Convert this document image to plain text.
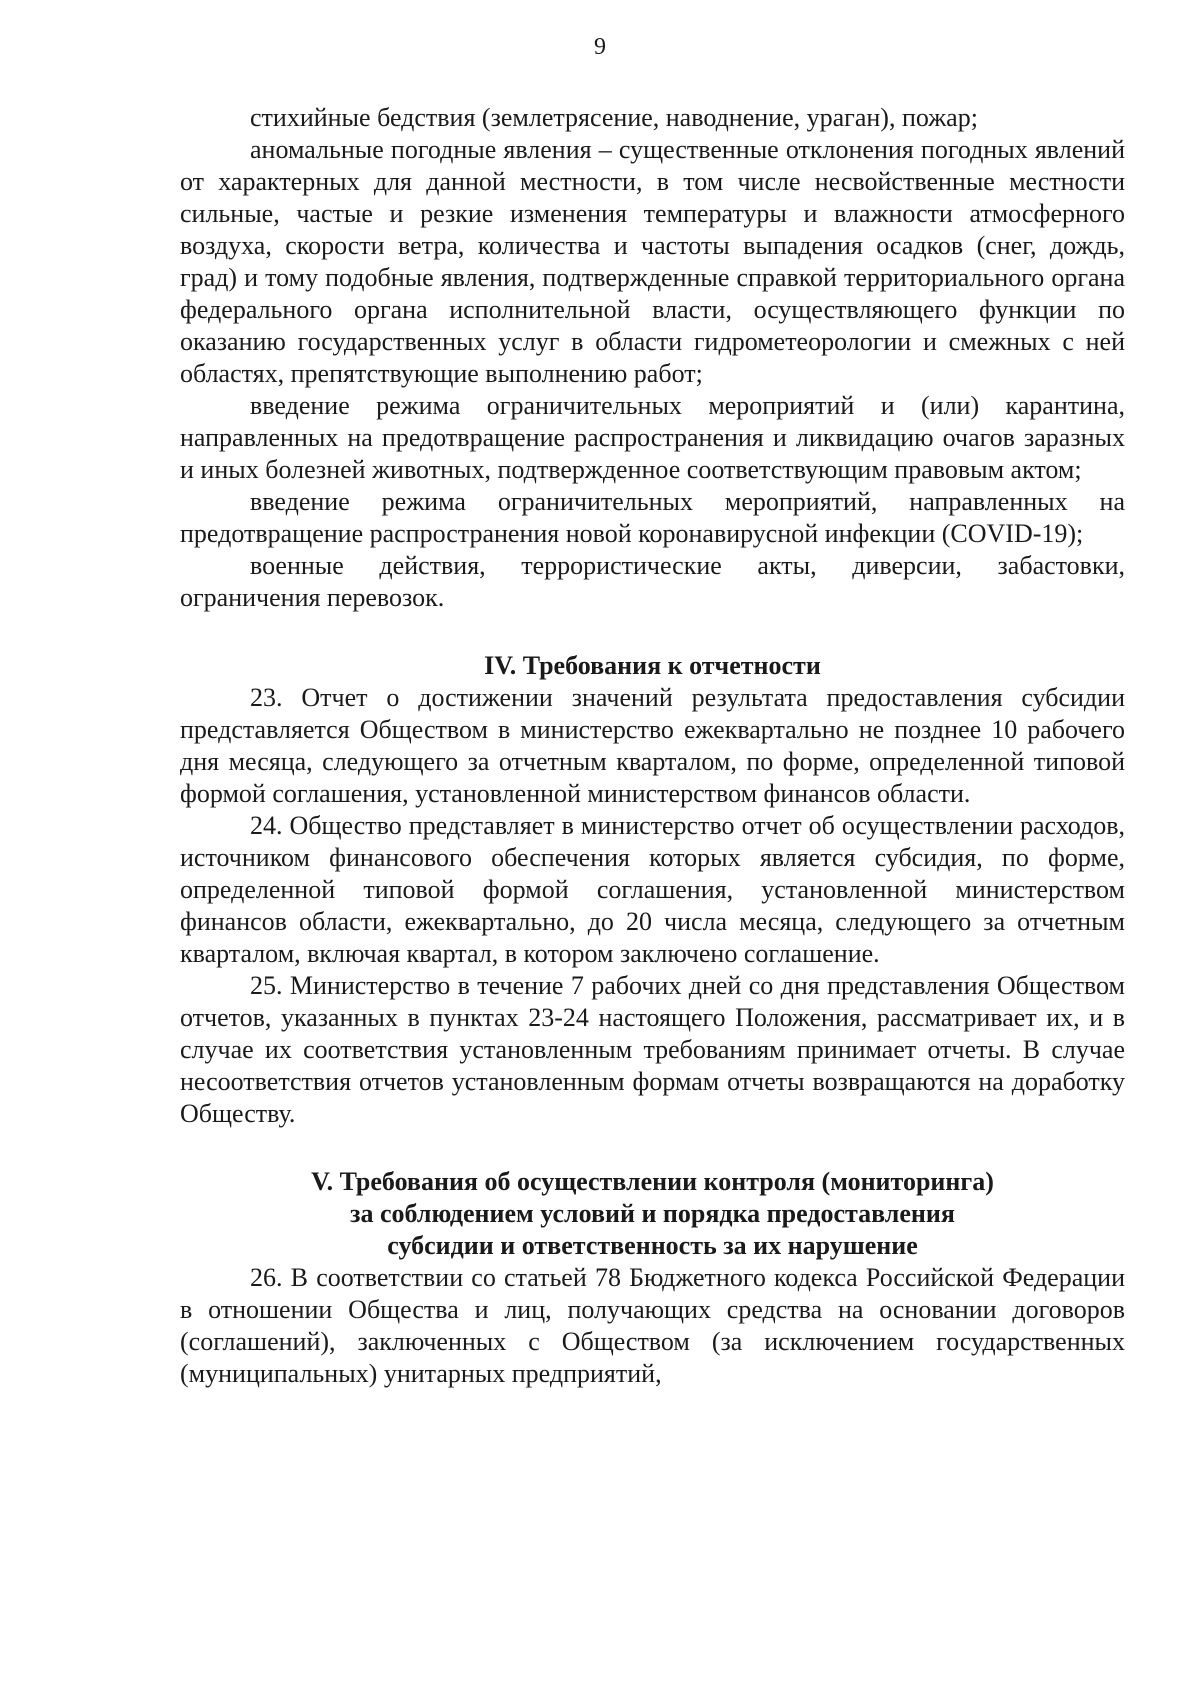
9

стихийные бедствия (землетрясение, наводнение, ураган), пожар;

аномальные погодные явления – существенные отклонения погодных явлений от характерных для данной местности, в том числе несвойственные местности сильные, частые и резкие изменения температуры и влажности атмосферного воздуха, скорости ветра, количества и частоты выпадения осадков (снег, дождь, град) и тому подобные явления, подтвержденные справкой территориального органа федерального органа исполнительной власти, осуществляющего функции по оказанию государственных услуг в области гидрометеорологии и смежных с ней областях, препятствующие выполнению работ;

введение режима ограничительных мероприятий и (или) карантина, направленных на предотвращение распространения и ликвидацию очагов заразных и иных болезней животных, подтвержденное соответствующим правовым актом;

введение режима ограничительных мероприятий, направленных на предотвращение распространения новой коронавирусной инфекции (COVID-19);

военные действия, террористические акты, диверсии, забастовки, ограничения перевозок.

IV. Требования к отчетности

23. Отчет о достижении значений результата предоставления субсидии представляется Обществом в министерство ежеквартально не позднее 10 рабочего дня месяца, следующего за отчетным кварталом, по форме, определенной типовой формой соглашения, установленной министерством финансов области.

24. Общество представляет в министерство отчет об осуществлении расходов, источником финансового обеспечения которых является субсидия, по форме, определенной типовой формой соглашения, установленной министерством финансов области, ежеквартально, до 20 числа месяца, следующего за отчетным кварталом, включая квартал, в котором заключено соглашение.

25. Министерство в течение 7 рабочих дней со дня представления Обществом отчетов, указанных в пунктах 23-24 настоящего Положения, рассматривает их, и в случае их соответствия установленным требованиям принимает отчеты. В случае несоответствия отчетов установленным формам отчеты возвращаются на доработку Обществу.

V. Требования об осуществлении контроля (мониторинга)
за соблюдением условий и порядка предоставления
субсидии и ответственность за их нарушение

26. В соответствии со статьей 78 Бюджетного кодекса Российской Федерации в отношении Общества и лиц, получающих средства на основании договоров (соглашений), заключенных с Обществом (за исключением государственных (муниципальных) унитарных предприятий,
